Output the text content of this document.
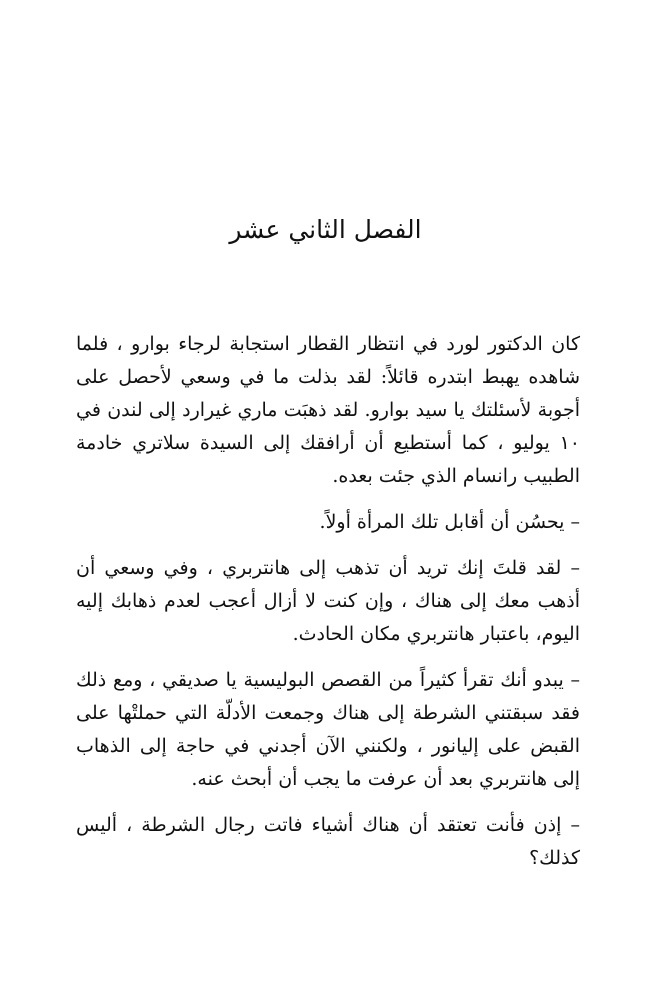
الفصل الثاني عشر

كان الدكتور لورد في انتظار القطار استجابة لرجاء بوارو ، فلما شاهده يهبط ابتدره قائلاً: لقد بذلت ما في وسعي لأحصل على أجوبة لأسئلتك يا سيد بوارو. لقد ذهبَت ماري غيرارد إلى لندن في ١٠ يوليو ، كما أستطيع أن أرافقك إلى السيدة سلاتري خادمة الطبيب رانسام الذي جئت بعده.

– يحسُن أن أقابل تلك المرأة أولاً.

– لقد قلتَ إنك تريد أن تذهب إلى هانتربري ، وفي وسعي أن أذهب معك إلى هناك ، وإن كنت لا أزال أعجب لعدم ذهابك إليه اليوم، باعتبار هانتربري مكان الحادث.

– يبدو أنك تقرأ كثيراً من القصص البوليسية يا صديقي ، ومع ذلك فقد سبقتني الشرطة إلى هناك وجمعت الأدلّة التي حملتْها على القبض على إليانور ، ولكنني الآن أجدني في حاجة إلى الذهاب إلى هانتربري بعد أن عرفت ما يجب أن أبحث عنه.

– إذن فأنت تعتقد أن هناك أشياء فاتت رجال الشرطة ، أليس كذلك؟
